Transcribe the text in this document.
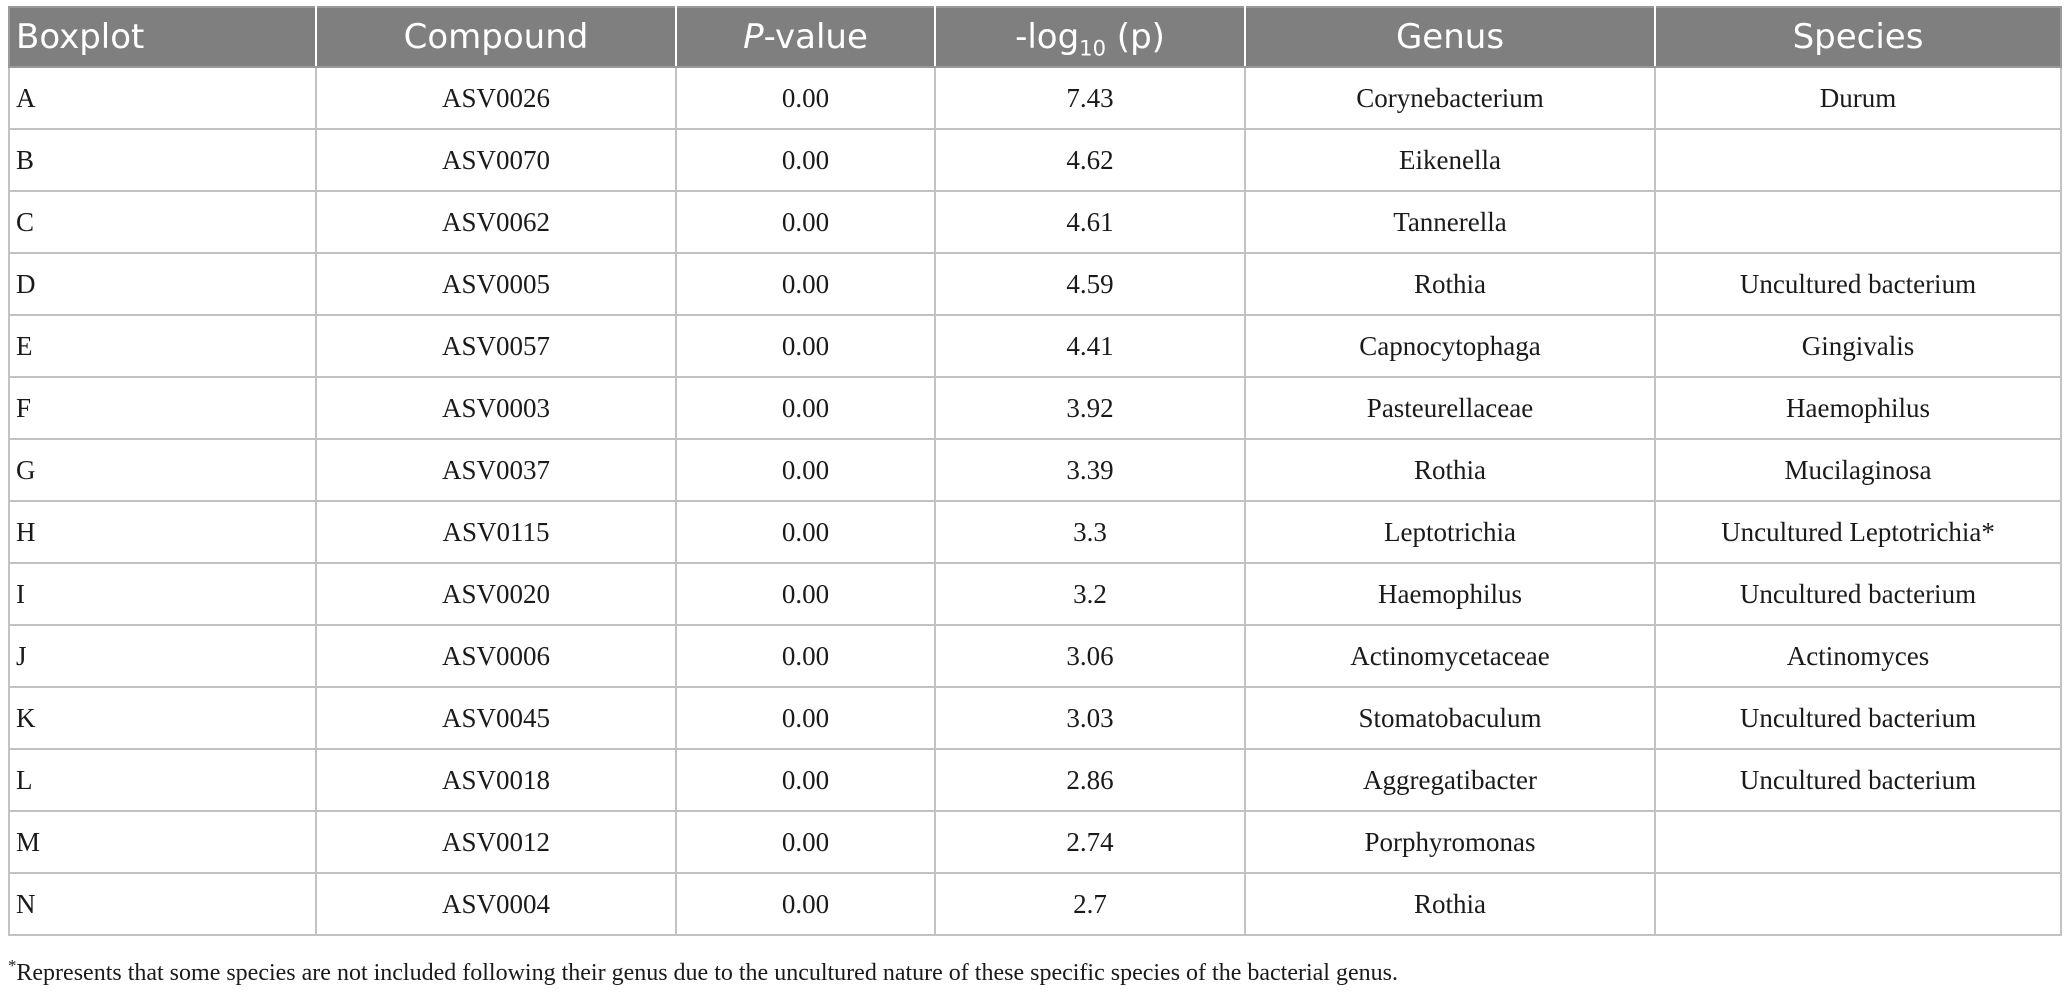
Boxplot	Compound	P-value	$-\log_{10}$ (p)	Genus	Species
A	ASV0026	0.00	7.43	Corynebacterium	Durum
B	ASV0070	0.00	4.62	Eikenella	
C	ASV0062	0.00	4.61	Tannerella	
D	ASV0005	0.00	4.59	Rothia	Uncultured bacterium
E	ASV0057	0.00	4.41	Capnocytophaga	Gingivalis
F	ASV0003	0.00	3.92	Pasteurellaceae	Haemophilus
G	ASV0037	0.00	3.39	Rothia	Mucilaginosa
H	ASV0115	0.00	3.3	Leptotrichia	Uncultured Leptotrichia*
I	ASV0020	0.00	3.2	Haemophilus	Uncultured bacterium
J	ASV0006	0.00	3.06	Actinomycetaceae	Actinomyces
K	ASV0045	0.00	3.03	Stomatobaculum	Uncultured bacterium
L	ASV0018	0.00	2.86	Aggregatibacter	Uncultured bacterium
M	ASV0012	0.00	2.74	Porphyromonas	
N	ASV0004	0.00	2.7	Rothia	
*Represents that some species are not included following their genus due to the uncultured nature of these specific species of the bacterial genus.
